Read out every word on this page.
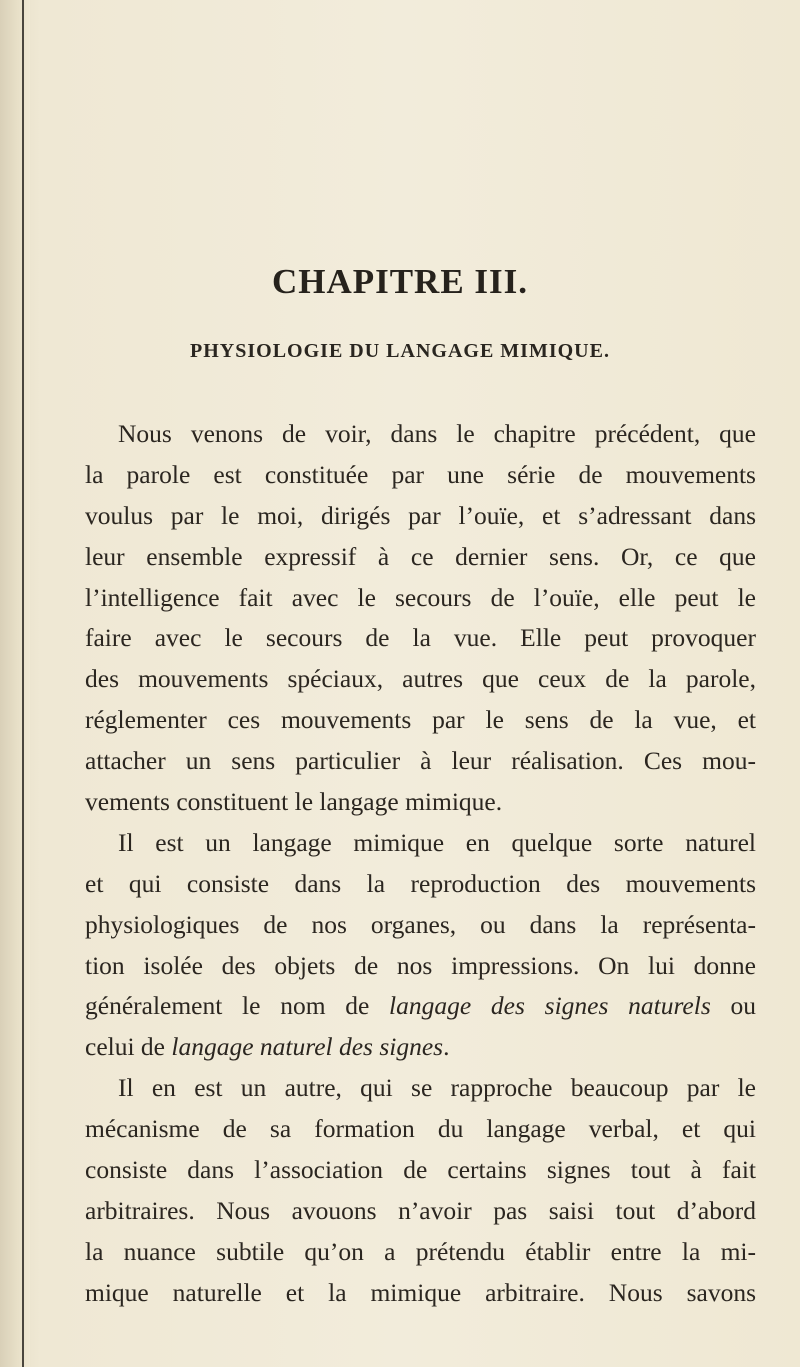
CHAPITRE III.
PHYSIOLOGIE DU LANGAGE MIMIQUE.
Nous venons de voir, dans le chapitre précédent, que
la parole est constituée par une série de mouvements
voulus par le moi, dirigés par l’ouïe, et s’adressant dans
leur ensemble expressif à ce dernier sens. Or, ce que
l’intelligence fait avec le secours de l’ouïe, elle peut le
faire avec le secours de la vue. Elle peut provoquer
des mouvements spéciaux, autres que ceux de la parole,
réglementer ces mouvements par le sens de la vue, et
attacher un sens particulier à leur réalisation. Ces mou-
vements constituent le langage mimique.
Il est un langage mimique en quelque sorte naturel
et qui consiste dans la reproduction des mouvements
physiologiques de nos organes, ou dans la représenta-
tion isolée des objets de nos impressions. On lui donne
généralement le nom de langage des signes naturels ou
celui de langage naturel des signes.
Il en est un autre, qui se rapproche beaucoup par le
mécanisme de sa formation du langage verbal, et qui
consiste dans l’association de certains signes tout à fait
arbitraires. Nous avouons n’avoir pas saisi tout d’abord
la nuance subtile qu’on a prétendu établir entre la mi-
mique naturelle et la mimique arbitraire. Nous savons
